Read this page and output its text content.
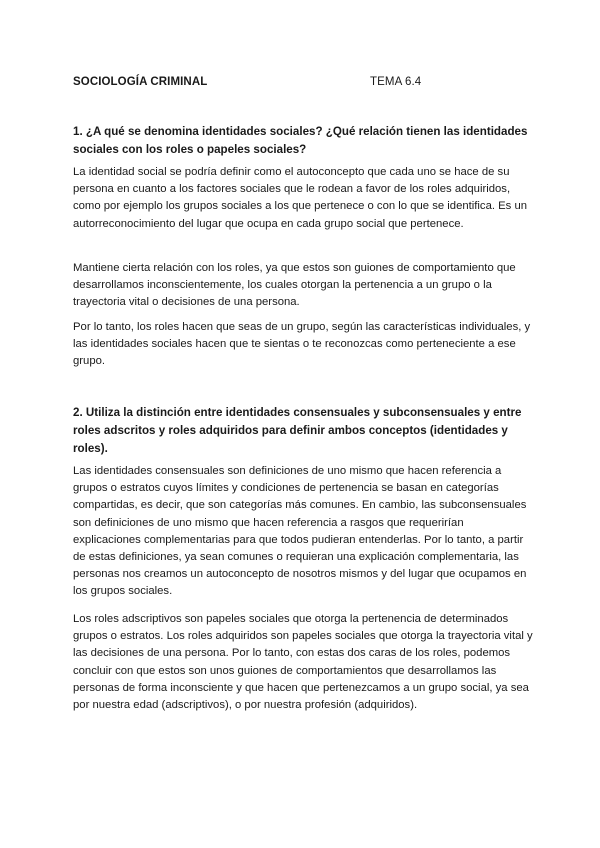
SOCIOLOGÍA CRIMINAL	TEMA 6.4

1. ¿A qué se denomina identidades sociales? ¿Qué relación tienen las identidades sociales con los roles o papeles sociales?

La identidad social se podría definir como el autoconcepto que cada uno se hace de su persona en cuanto a los factores sociales que le rodean a favor de los roles adquiridos, como por ejemplo los grupos sociales a los que pertenece o con lo que se identifica. Es un autorreconocimiento del lugar que ocupa en cada grupo social que pertenece.

Mantiene cierta relación con los roles, ya que estos son guiones de comportamiento que desarrollamos inconscientemente, los cuales otorgan la pertenencia a un grupo o la trayectoria vital o decisiones de una persona.

Por lo tanto, los roles hacen que seas de un grupo, según las características individuales, y las identidades sociales hacen que te sientas o te reconozcas como perteneciente a ese grupo.

2. Utiliza la distinción entre identidades consensuales y subconsensuales y entre roles adscritos y roles adquiridos para definir ambos conceptos (identidades y roles).

Las identidades consensuales son definiciones de uno mismo que hacen referencia a grupos o estratos cuyos límites y condiciones de pertenencia se basan en categorías compartidas, es decir, que son categorías más comunes. En cambio, las subconsensuales son definiciones de uno mismo que hacen referencia a rasgos que requerirían explicaciones complementarias para que todos pudieran entenderlas. Por lo tanto, a partir de estas definiciones, ya sean comunes o requieran una explicación complementaria, las personas nos creamos un autoconcepto de nosotros mismos y del lugar que ocupamos en los grupos sociales.

Los roles adscriptivos son papeles sociales que otorga la pertenencia de determinados grupos o estratos. Los roles adquiridos son papeles sociales que otorga la trayectoria vital y las decisiones de una persona. Por lo tanto, con estas dos caras de los roles, podemos concluir con que estos son unos guiones de comportamientos que desarrollamos las personas de forma inconsciente y que hacen que pertenezcamos a un grupo social, ya sea por nuestra edad (adscriptivos), o por nuestra profesión (adquiridos).
